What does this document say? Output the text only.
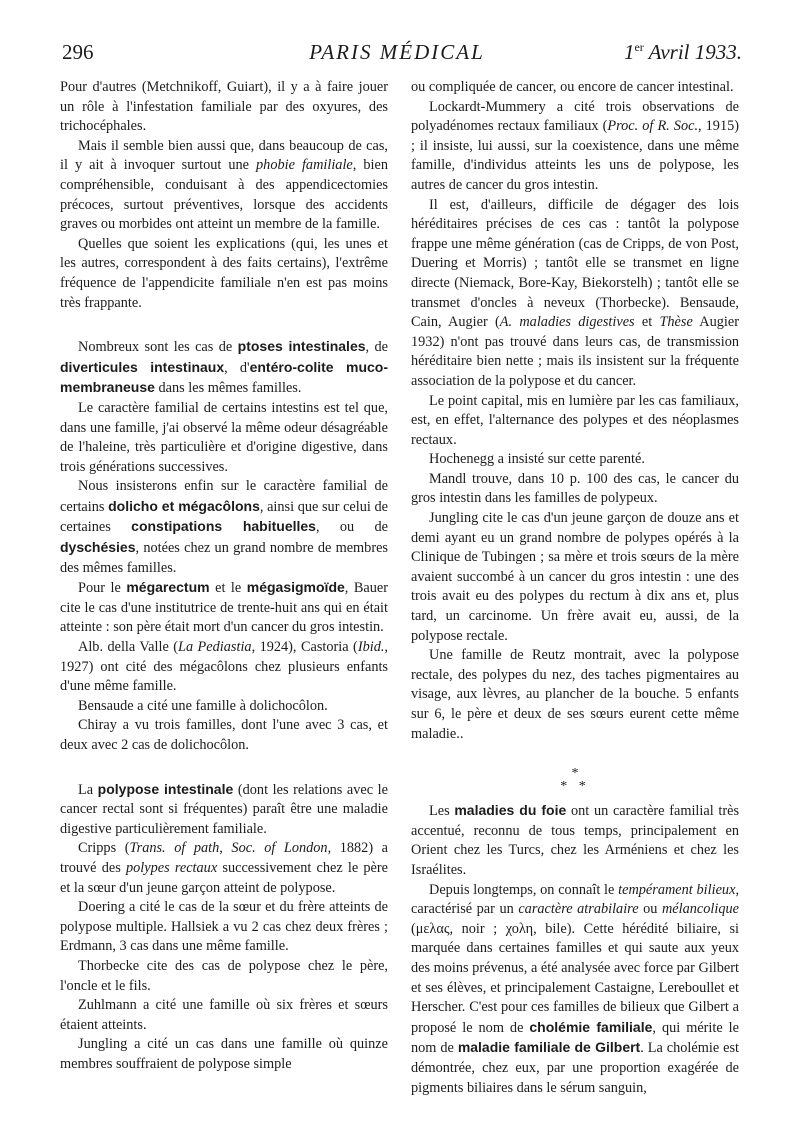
296	PARIS MÉDICAL	1er Avril 1933.

Pour d'autres (Metchnikoff, Guiart), il y a à faire jouer un rôle à l'infestation familiale par des oxyures, des trichocéphales.

Mais il semble bien aussi que, dans beaucoup de cas, il y ait à invoquer surtout une phobie familiale, bien compréhensible, conduisant à des appendicectomies précoces, surtout préventives, lorsque des accidents graves ou morbides ont atteint un membre de la famille.

Quelles que soient les explications (qui, les unes et les autres, correspondent à des faits certains), l'extrême fréquence de l'appendicite familiale n'en est pas moins très frappante.

Nombreux sont les cas de ptoses intestinales, de diverticules intestinaux, d'entéro-colite muco-membraneuse dans les mêmes familles.

Le caractère familial de certains intestins est tel que, dans une famille, j'ai observé la même odeur désagréable de l'haleine, très particulière et d'origine digestive, dans trois générations successives.

Nous insisterons enfin sur le caractère familial de certains dolicho et mégacôlons, ainsi que sur celui de certaines constipations habituelles, ou de dyschésies, notées chez un grand nombre de membres des mêmes familles.

Pour le mégarectum et le mégasigmoïde, Bauer cite le cas d'une institutrice de trente-huit ans qui en était atteinte : son père était mort d'un cancer du gros intestin.

Alb. della Valle (La Pediastia, 1924), Castoria (Ibid., 1927) ont cité des mégacôlons chez plusieurs enfants d'une même famille.

Bensaude a cité une famille à dolichocôlon.

Chiray a vu trois familles, dont l'une avec 3 cas, et deux avec 2 cas de dolichocôlon.

La polypose intestinale (dont les relations avec le cancer rectal sont si fréquentes) paraît être une maladie digestive particulièrement familiale.

Cripps (Trans. of path, Soc. of London, 1882) a trouvé des polypes rectaux successivement chez le père et la sœur d'un jeune garçon atteint de polypose.

Doering a cité le cas de la sœur et du frère atteints de polypose multiple. Hallsiek a vu 2 cas chez deux frères ; Erdmann, 3 cas dans une même famille.

Thorbecke cite des cas de polypose chez le père, l'oncle et le fils.

Zuhlmann a cité une famille où six frères et sœurs étaient atteints.

Jungling a cité un cas dans une famille où quinze membres souffraient de polypose simple

ou compliquée de cancer, ou encore de cancer intestinal.

Lockardt-Mummery a cité trois observations de polyadénomes rectaux familiaux (Proc. of R. Soc., 1915) ; il insiste, lui aussi, sur la coexistence, dans une même famille, d'individus atteints les uns de polypose, les autres de cancer du gros intestin.

Il est, d'ailleurs, difficile de dégager des lois héréditaires précises de ces cas : tantôt la polypose frappe une même génération (cas de Cripps, de von Post, Duering et Morris) ; tantôt elle se transmet en ligne directe (Niemack, Bore-Kay, Biekorstelh) ; tantôt elle se transmet d'oncles à neveux (Thorbecke). Bensaude, Cain, Augier (A. maladies digestives et Thèse Augier 1932) n'ont pas trouvé dans leurs cas, de transmission héréditaire bien nette ; mais ils insistent sur la fréquente association de la polypose et du cancer.

Le point capital, mis en lumière par les cas familiaux, est, en effet, l'alternance des polypes et des néoplasmes rectaux.

Hochenegg a insisté sur cette parenté.

Mandl trouve, dans 10 p. 100 des cas, le cancer du gros intestin dans les familles de polypeux.

Jungling cite le cas d'un jeune garçon de douze ans et demi ayant eu un grand nombre de polypes opérés à la Clinique de Tubingen ; sa mère et trois sœurs de la mère avaient succombé à un cancer du gros intestin : une des trois avait eu des polypes du rectum à dix ans et, plus tard, un carcinome. Un frère avait eu, aussi, de la polypose rectale.

Une famille de Reutz montrait, avec la polypose rectale, des polypes du nez, des taches pigmentaires au visage, aux lèvres, au plancher de la bouche. 5 enfants sur 6, le père et deux de ses sœurs eurent cette même maladie..

*
* *

Les maladies du foie ont un caractère familial très accentué, reconnu de tous temps, principalement en Orient chez les Turcs, chez les Arméniens et chez les Israélites.

Depuis longtemps, on connaît le tempérament bilieux, caractérisé par un caractère atrabilaire ou mélancolique (μελας, noir ; χολη, bile). Cette hérédité biliaire, si marquée dans certaines familles et qui saute aux yeux des moins prévenus, a été analysée avec force par Gilbert et ses élèves, et principalement Castaigne, Lereboullet et Herscher. C'est pour ces familles de bilieux que Gilbert a proposé le nom de cholémie familiale, qui mérite le nom de maladie familiale de Gilbert. La cholémie est démontrée, chez eux, par une proportion exagérée de pigments biliaires dans le sérum sanguin,
